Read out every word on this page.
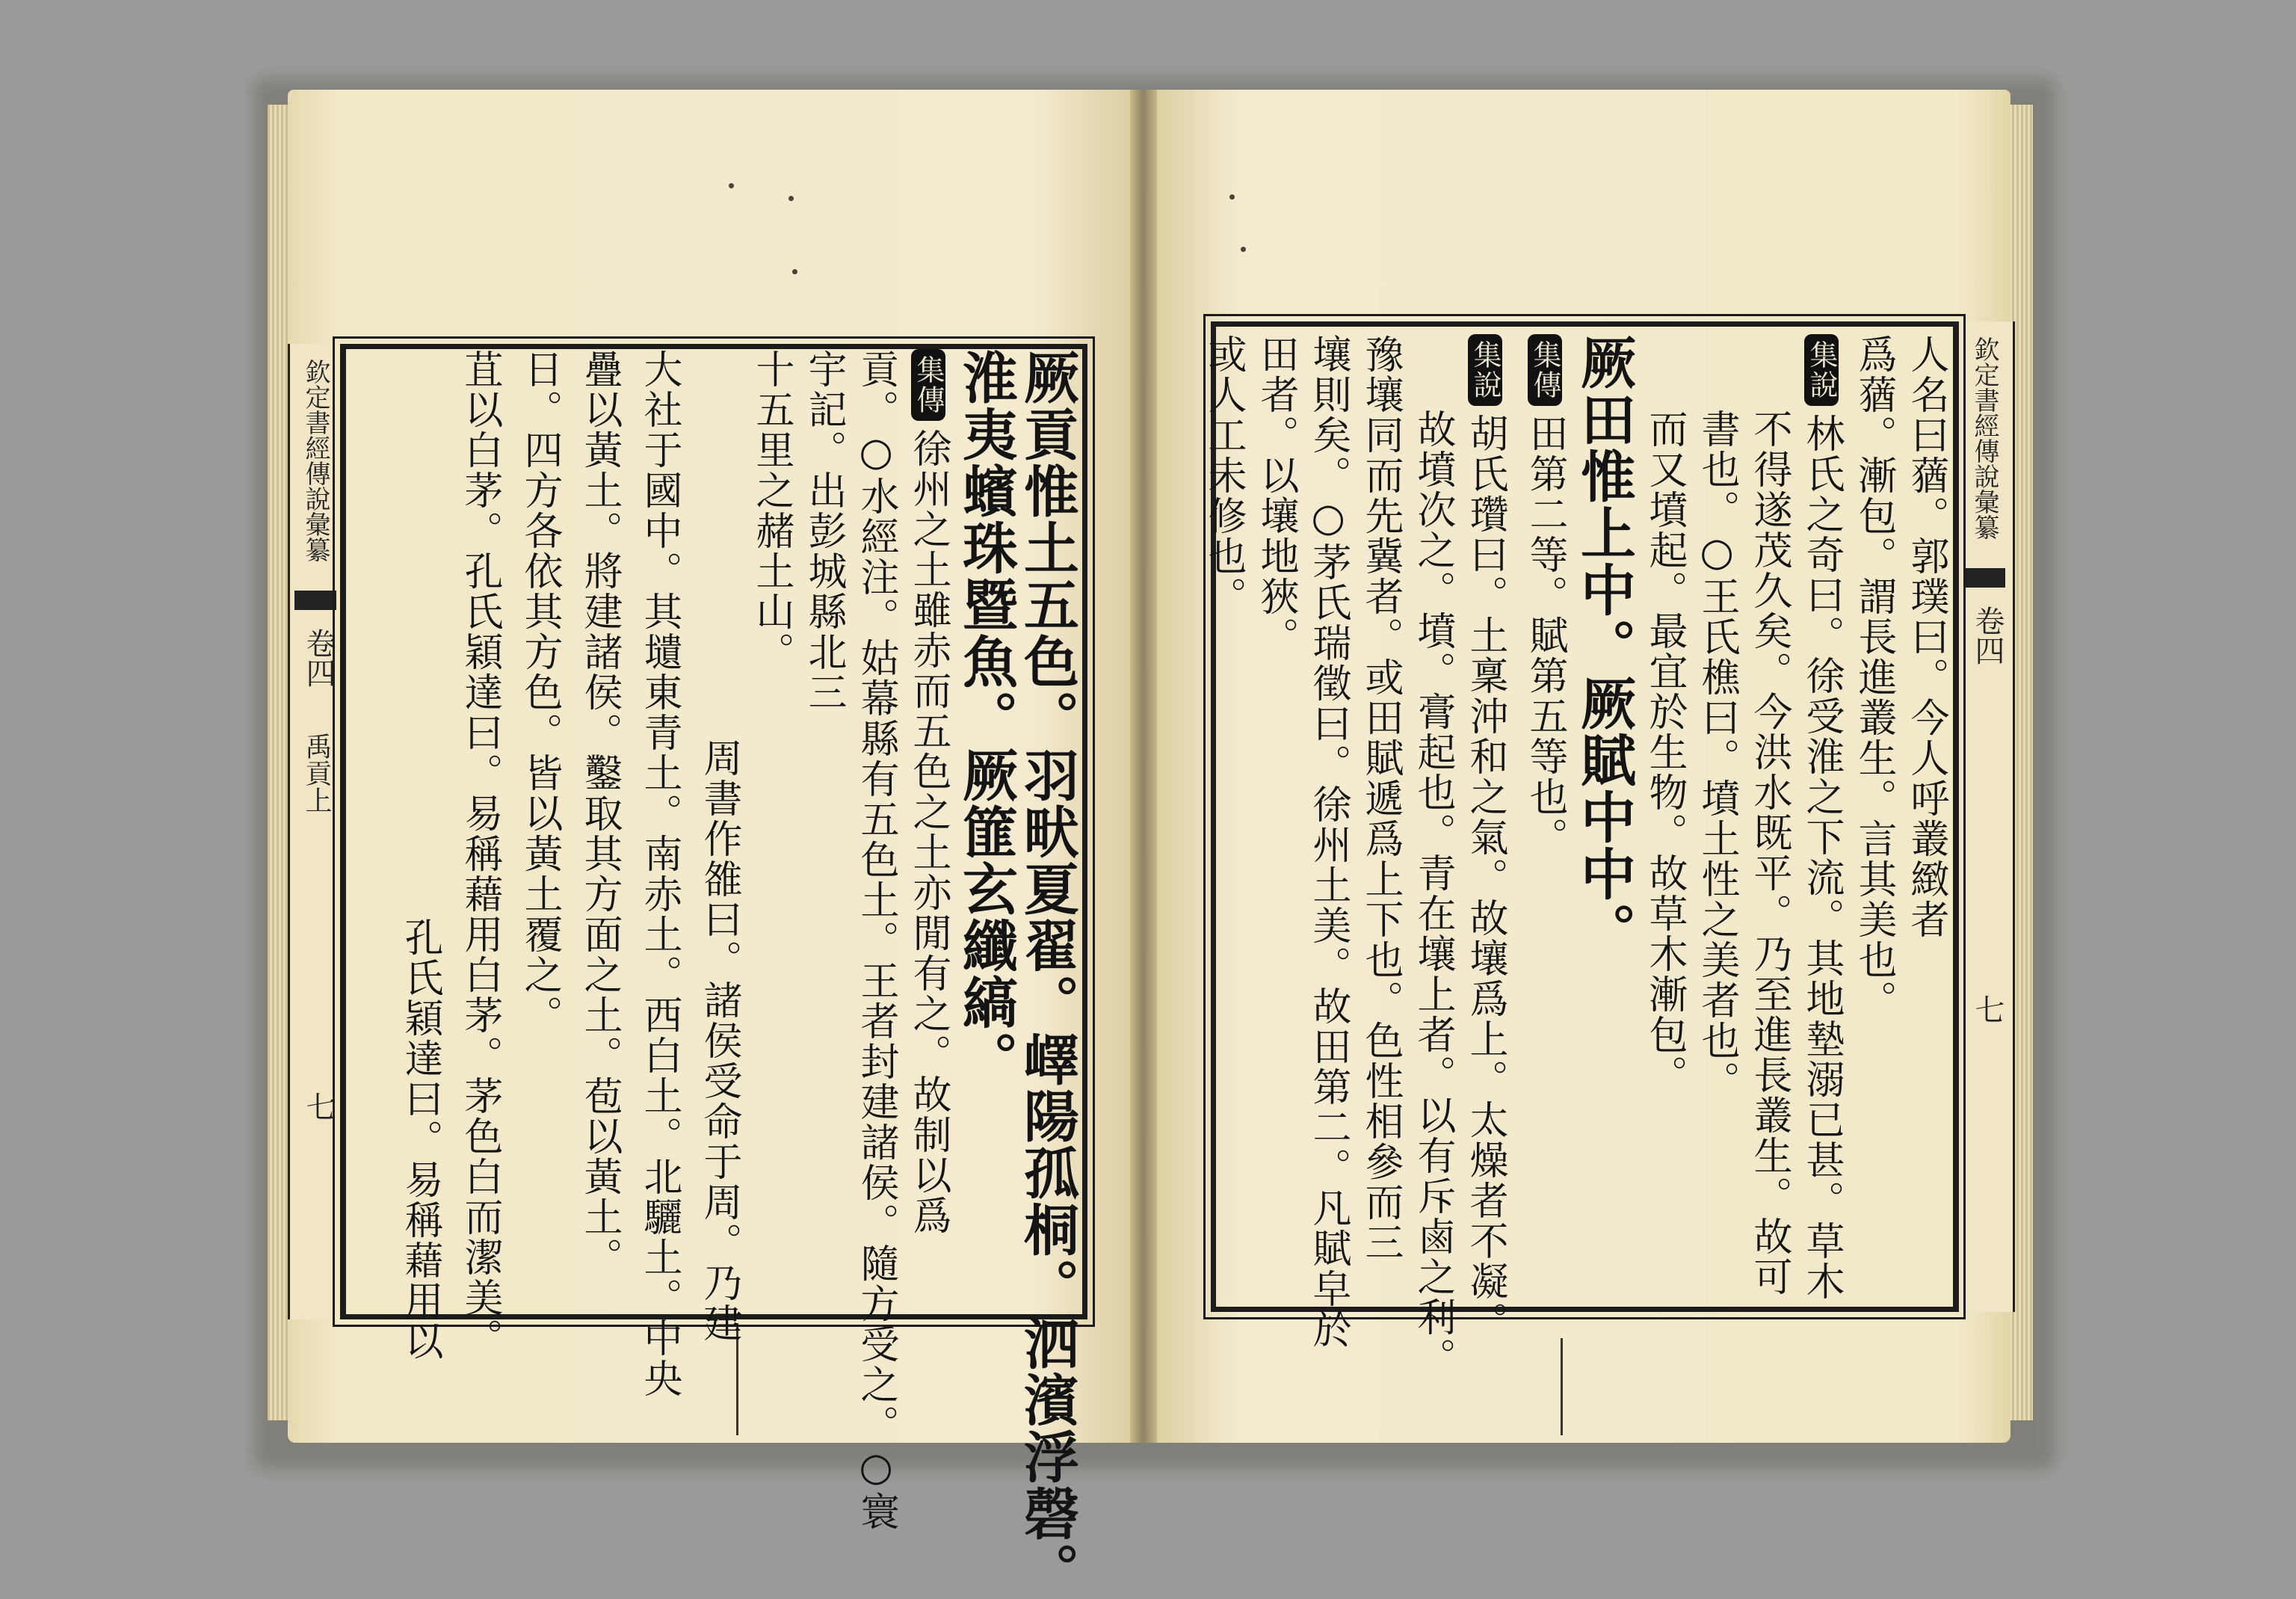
欽定書經傳說彙纂
卷四
禹貢上
七	厥貢惟土五色。羽畎夏翟。嶧陽孤桐。泗濱浮磬。
淮夷蠙珠暨魚。厥篚玄纖縞。
集傳徐州之土雖赤而五色之土亦閒有之。故制以爲
貢。○水經注。姑幕縣有五色土。王者封建諸侯。隨方受之。○寰
宇記。出彭城縣北三
十五里之赭土山。
周書作雒曰。諸侯受命于周。乃建
大社于國中。其壝東青土。南赤土。西白土。北驪土。中央
疊以黃土。將建諸侯。鑿取其方面之土。苞以黃土。
日。四方各依其方色。皆以黃土覆之。
苴以白茅。孔氏穎達曰。易稱藉用白茅。茅色白而潔美。
孔氏穎達曰。易稱藉用以
欽定書經傳說彙纂
卷四
七
人名曰蕕。郭璞曰。今人呼叢緻者
爲蕕。漸包。謂長進叢生。言其美也。
集說林氏之奇曰。徐受淮之下流。其地墊溺已甚。草木
不得遂茂久矣。今洪水既平。乃至進長叢生。故可
書也。○王氏樵曰。墳土性之美者也。
而又墳起。最宜於生物。故草木漸包。
厥田惟上中。厥賦中中。
集傳田第二等。賦第五等也。
集說胡氏瓚曰。土稟沖和之氣。故壤爲上。太燥者不凝。
故墳次之。墳。膏起也。青在壤上者。以有斥鹵之利。
豫壤同而先冀者。或田賦遞爲上下也。色性相參而三
壤則矣。○茅氏瑞徵曰。徐州土美。故田第二。凡賦皁於
田者。以壤地狹。
或人工未修也。
